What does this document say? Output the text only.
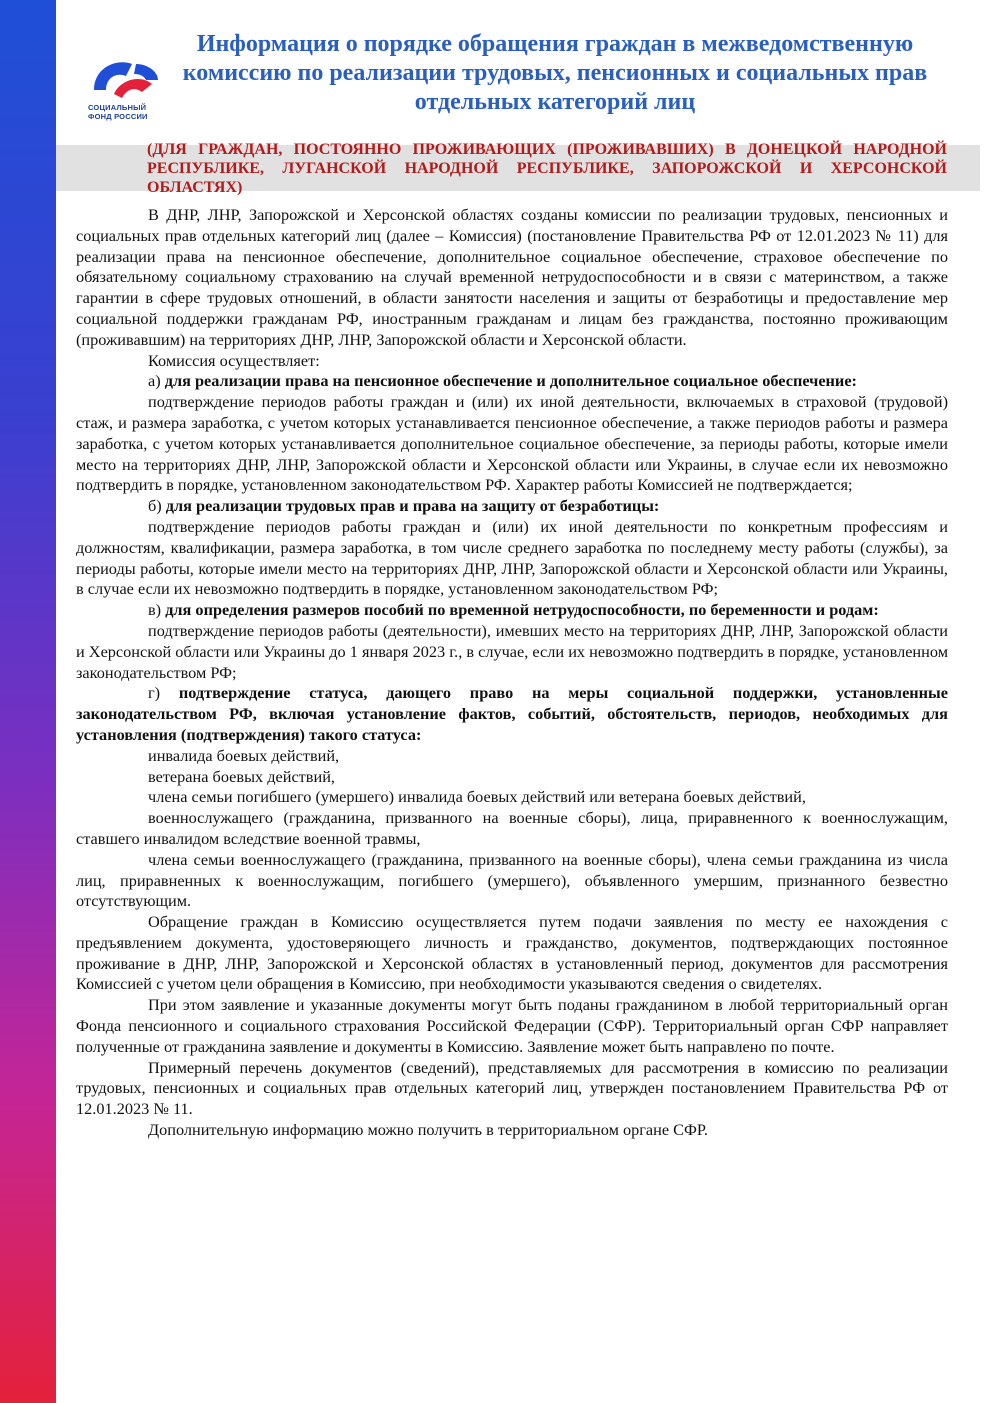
СОЦИАЛЬНЫЙ
ФОНД РОССИИ
Информация о порядке обращения граждан в межведомственную комиссию по реализации трудовых, пенсионных и социальных прав отдельных категорий лиц
(ДЛЯ ГРАЖДАН, ПОСТОЯННО ПРОЖИВАЮЩИХ (ПРОЖИВАВШИХ) В ДОНЕЦКОЙ НАРОДНОЙ РЕСПУБЛИКЕ, ЛУГАНСКОЙ НАРОДНОЙ РЕСПУБЛИКЕ, ЗАПОРОЖСКОЙ И ХЕРСОНСКОЙ ОБЛАСТЯХ)

В ДНР, ЛНР, Запорожской и Херсонской областях созданы комиссии по реализации трудовых, пенсионных и социальных прав отдельных категорий лиц (далее – Комиссия) (постановление Правительства РФ от 12.01.2023 № 11) для реализации права на пенсионное обеспечение, дополнительное социальное обеспечение, страховое обеспечение по обязательному социальному страхованию на случай временной нетрудоспособности и в связи с материнством, а также гарантии в сфере трудовых отношений, в области занятости населения и защиты от безработицы и предоставление мер социальной поддержки гражданам РФ, иностранным гражданам и лицам без гражданства, постоянно проживающим (проживавшим) на территориях ДНР, ЛНР, Запорожской области и Херсонской области.

Комиссия осуществляет:

а) для реализации права на пенсионное обеспечение и дополнительное социальное обеспечение:

подтверждение периодов работы граждан и (или) их иной деятельности, включаемых в страховой (трудовой) стаж, и размера заработка, с учетом которых устанавливается пенсионное обеспечение, а также периодов работы и размера заработка, с учетом которых устанавливается дополнительное социальное обеспечение, за периоды работы, которые имели место на территориях ДНР, ЛНР, Запорожской области и Херсонской области или Украины, в случае если их невозможно подтвердить в порядке, установленном законодательством РФ. Характер работы Комиссией не подтверждается;

б) для реализации трудовых прав и права на защиту от безработицы:

подтверждение периодов работы граждан и (или) их иной деятельности по конкретным профессиям и должностям, квалификации, размера заработка, в том числе среднего заработка по последнему месту работы (службы), за периоды работы, которые имели место на территориях ДНР, ЛНР, Запорожской области и Херсонской области или Украины, в случае если их невозможно подтвердить в порядке, установленном законодательством РФ;

в) для определения размеров пособий по временной нетрудоспособности, по беременности и родам:

подтверждение периодов работы (деятельности), имевших место на территориях ДНР, ЛНР, Запорожской области и Херсонской области или Украины до 1 января 2023 г., в случае, если их невозможно подтвердить в порядке, установленном законодательством РФ;

г) подтверждение статуса, дающего право на меры социальной поддержки, установленные законодательством РФ, включая установление фактов, событий, обстоятельств, периодов, необходимых для установления (подтверждения) такого статуса:

инвалида боевых действий,

ветерана боевых действий,

члена семьи погибшего (умершего) инвалида боевых действий или ветерана боевых действий,

военнослужащего (гражданина, призванного на военные сборы), лица, приравненного к военнослужащим, ставшего инвалидом вследствие военной травмы,

члена семьи военнослужащего (гражданина, призванного на военные сборы), члена семьи гражданина из числа лиц, приравненных к военнослужащим, погибшего (умершего), объявленного умершим, признанного безвестно отсутствующим.

Обращение граждан в Комиссию осуществляется путем подачи заявления по месту ее нахождения с предъявлением документа, удостоверяющего личность и гражданство, документов, подтверждающих постоянное проживание в ДНР, ЛНР, Запорожской и Херсонской областях в установленный период, документов для рассмотрения Комиссией с учетом цели обращения в Комиссию, при необходимости указываются сведения о свидетелях.

При этом заявление и указанные документы могут быть поданы гражданином в любой территориальный орган Фонда пенсионного и социального страхования Российской Федерации (СФР). Территориальный орган СФР направляет полученные от гражданина заявление и документы в Комиссию. Заявление может быть направлено по почте.

Примерный перечень документов (сведений), представляемых для рассмотрения в комиссию по реализации трудовых, пенсионных и социальных прав отдельных категорий лиц, утвержден постановлением Правительства РФ от 12.01.2023 № 11.

Дополнительную информацию можно получить в территориальном органе СФР.
